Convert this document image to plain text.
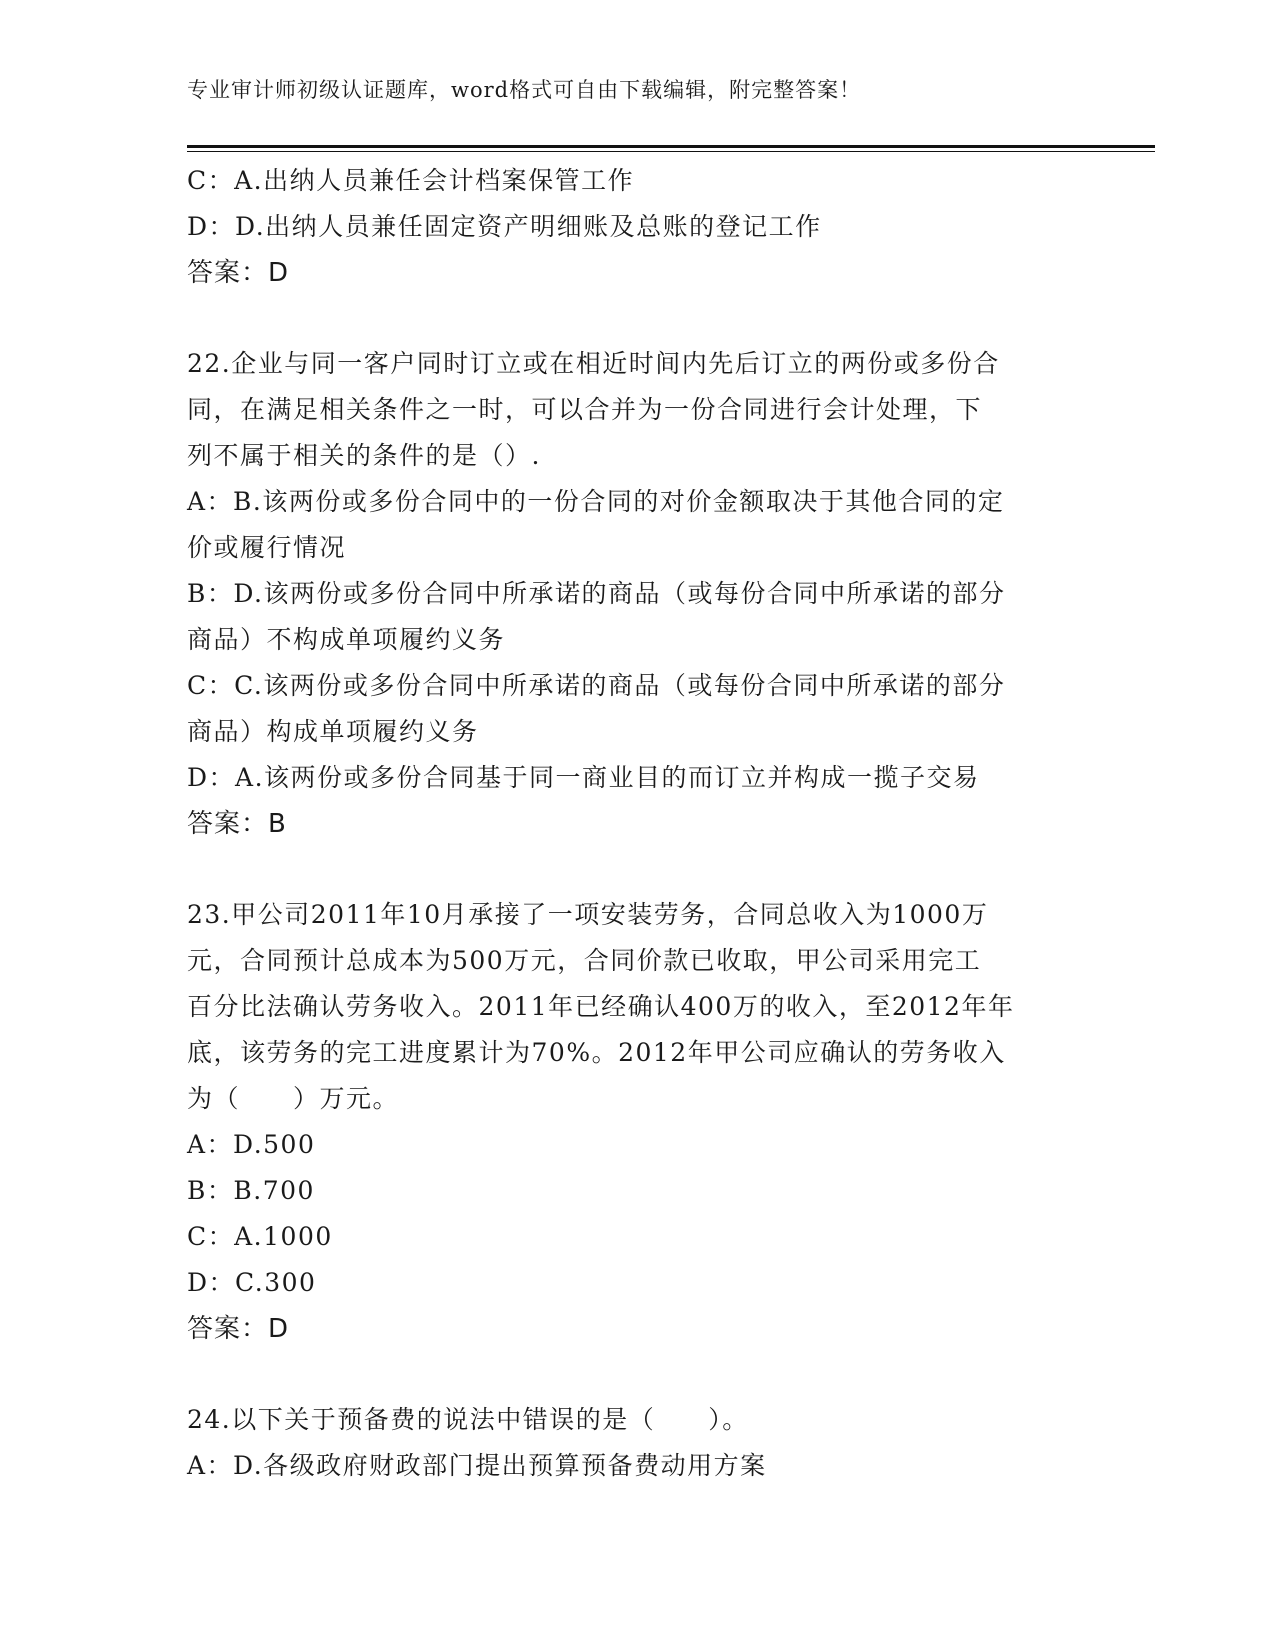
专业审计师初级认证题库，word格式可自由下载编辑，附完整答案！
C：A.出纳人员兼任会计档案保管工作
D：D.出纳人员兼任固定资产明细账及总账的登记工作
答案：D
22.企业与同一客户同时订立或在相近时间内先后订立的两份或多份合
同，在满足相关条件之一时，可以合并为一份合同进行会计处理，下
列不属于相关的条件的是（）.
A：B.该两份或多份合同中的一份合同的对价金额取决于其他合同的定
价或履行情况
B：D.该两份或多份合同中所承诺的商品（或每份合同中所承诺的部分
商品）不构成单项履约义务
C：C.该两份或多份合同中所承诺的商品（或每份合同中所承诺的部分
商品）构成单项履约义务
D：A.该两份或多份合同基于同一商业目的而订立并构成一揽子交易
答案：B
23.甲公司2011年10月承接了一项安装劳务，合同总收入为1000万
元，合同预计总成本为500万元，合同价款已收取，甲公司采用完工
百分比法确认劳务收入。2011年已经确认400万的收入，至2012年年
底，该劳务的完工进度累计为70%。2012年甲公司应确认的劳务收入
为（　　）万元。
A：D.500
B：B.700
C：A.1000
D：C.300
答案：D
24.以下关于预备费的说法中错误的是（　　）。
A：D.各级政府财政部门提出预算预备费动用方案
